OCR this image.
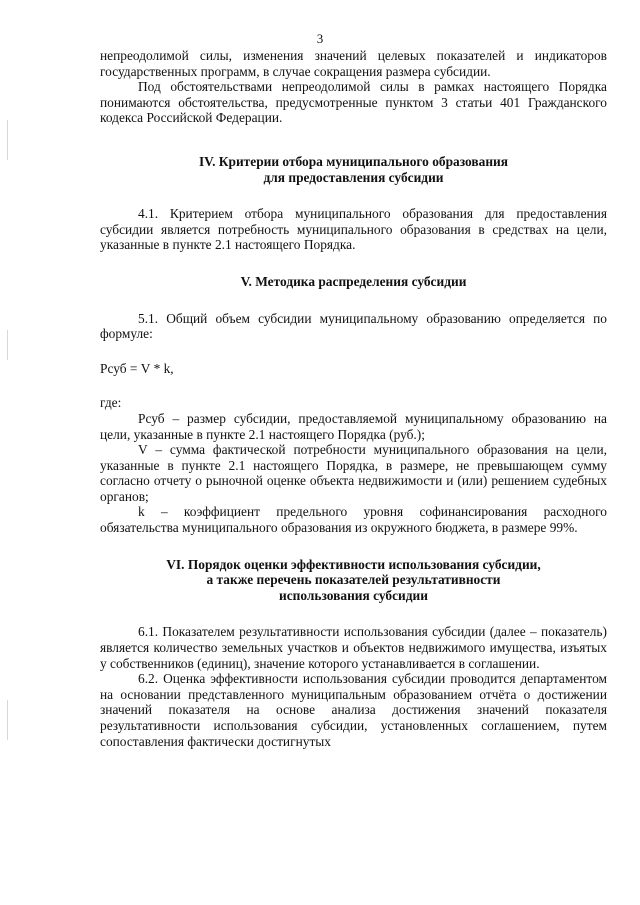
3

непреодолимой силы, изменения значений целевых показателей и индикаторов государственных программ, в случае сокращения размера субсидии.

Под обстоятельствами непреодолимой силы в рамках настоящего Порядка понимаются обстоятельства, предусмотренные пунктом 3 статьи 401 Гражданского кодекса Российской Федерации.

IV. Критерии отбора муниципального образования

для предоставления субсидии

4.1. Критерием отбора муниципального образования для предоставления субсидии является потребность муниципального образования в средствах на цели, указанные в пункте 2.1 настоящего Порядка.

V. Методика распределения субсидии

5.1. Общий объем субсидии муниципальному образованию определяется по формуле:

Рсуб = V * k,

где:

Рсуб – размер субсидии, предоставляемой муниципальному образованию на цели, указанные в пункте 2.1 настоящего Порядка (руб.);

V – сумма фактической потребности муниципального образования на цели, указанные в пункте 2.1 настоящего Порядка, в размере, не превышающем сумму согласно отчету о рыночной оценке объекта недвижимости и (или) решением судебных органов;

k – коэффициент предельного уровня софинансирования расходного обязательства муниципального образования из окружного бюджета, в размере 99%.

VI. Порядок оценки эффективности использования субсидии,

а также перечень показателей результативности

использования субсидии

6.1. Показателем результативности использования субсидии (далее – показатель) является количество земельных участков и объектов недвижимого имущества, изъятых у собственников (единиц), значение которого устанавливается в соглашении.

6.2. Оценка эффективности использования субсидии проводится департаментом на основании представленного муниципальным образованием отчёта о достижении значений показателя на основе анализа достижения значений показателя результативности использования субсидии, установленных соглашением, путем сопоставления фактически достигнутых
